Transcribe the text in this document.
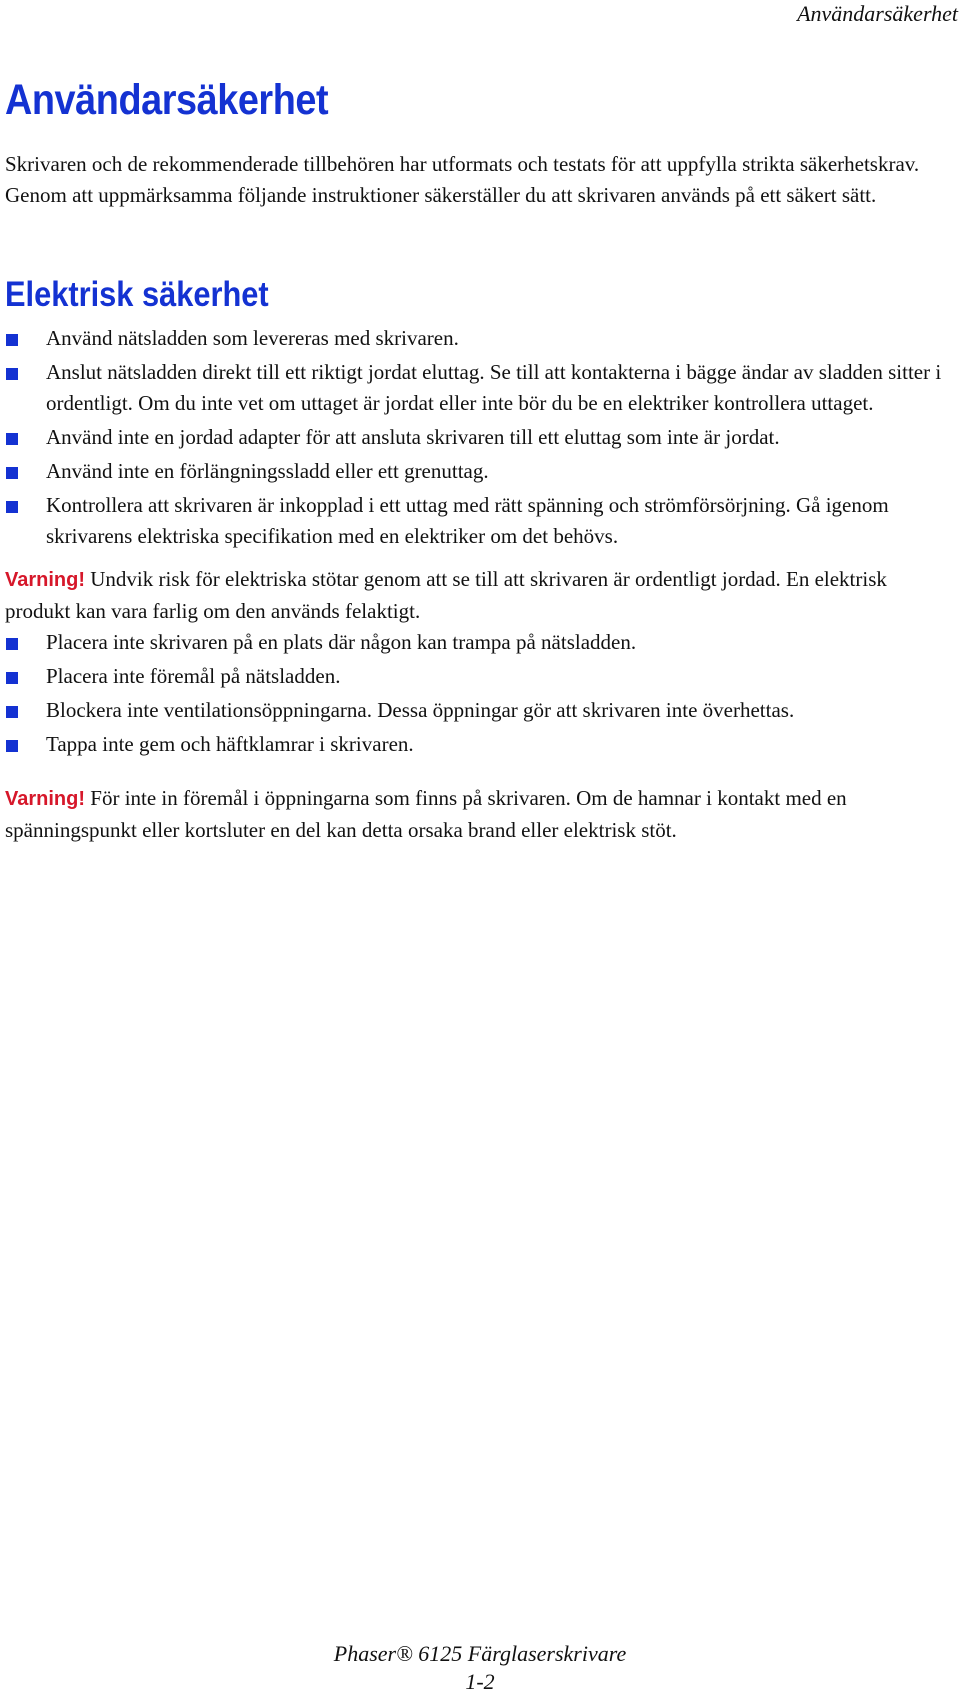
Användarsäkerhet
Användarsäkerhet

Skrivaren och de rekommenderade tillbehören har utformats och testats för att uppfylla strikta säkerhetskrav. Genom att uppmärksamma följande instruktioner säkerställer du att skrivaren används på ett säkert sätt.

Elektrisk säkerhet
Använd nätsladden som levereras med skrivaren.
Anslut nätsladden direkt till ett riktigt jordat eluttag. Se till att kontakterna i bägge ändar av sladden sitter i ordentligt. Om du inte vet om uttaget är jordat eller inte bör du be en elektriker kontrollera uttaget.
Använd inte en jordad adapter för att ansluta skrivaren till ett eluttag som inte är jordat.
Använd inte en förlängningssladd eller ett grenuttag.
Kontrollera att skrivaren är inkopplad i ett uttag med rätt spänning och strömförsörjning. Gå igenom skrivarens elektriska specifikation med en elektriker om det behövs.

Varning! Undvik risk för elektriska stötar genom att se till att skrivaren är ordentligt jordad. En elektrisk produkt kan vara farlig om den används felaktigt.

Placera inte skrivaren på en plats där någon kan trampa på nätsladden.
Placera inte föremål på nätsladden.
Blockera inte ventilationsöppningarna. Dessa öppningar gör att skrivaren inte överhettas.
Tappa inte gem och häftklamrar i skrivaren.

Varning! För inte in föremål i öppningarna som finns på skrivaren. Om de hamnar i kontakt med en spänningspunkt eller kortsluter en del kan detta orsaka brand eller elektrisk stöt.

Phaser® 6125 Färglaserskrivare
1-2
